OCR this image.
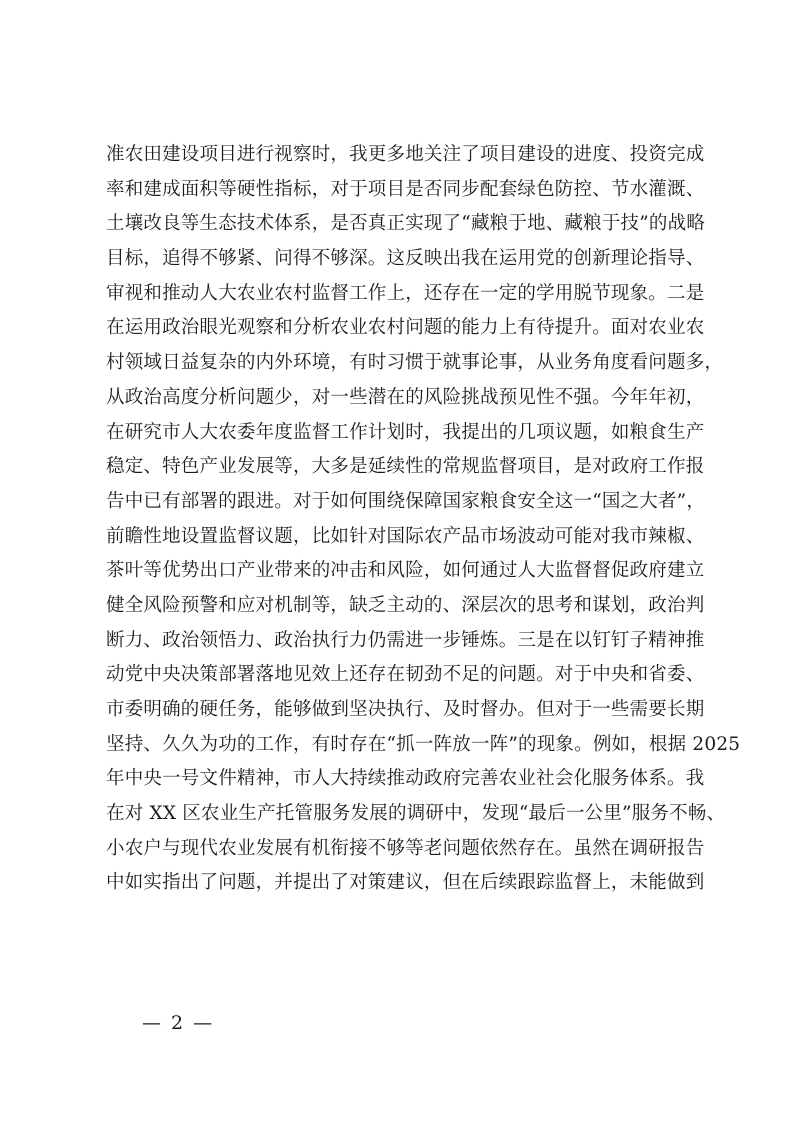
准农田建设项目进行视察时，我更多地关注了项目建设的进度、投资完成
率和建成面积等硬性指标，对于项目是否同步配套绿色防控、节水灌溉、
土壤改良等生态技术体系，是否真正实现了“藏粮于地、藏粮于技”的战略
目标，追得不够紧、问得不够深。这反映出我在运用党的创新理论指导、
审视和推动人大农业农村监督工作上，还存在一定的学用脱节现象。二是
在运用政治眼光观察和分析农业农村问题的能力上有待提升。面对农业农
村领域日益复杂的内外环境，有时习惯于就事论事，从业务角度看问题多，
从政治高度分析问题少，对一些潜在的风险挑战预见性不强。今年年初，
在研究市人大农委年度监督工作计划时，我提出的几项议题，如粮食生产
稳定、特色产业发展等，大多是延续性的常规监督项目，是对政府工作报
告中已有部署的跟进。对于如何围绕保障国家粮食安全这一“国之大者”，
前瞻性地设置监督议题，比如针对国际农产品市场波动可能对我市辣椒、
茶叶等优势出口产业带来的冲击和风险，如何通过人大监督督促政府建立
健全风险预警和应对机制等，缺乏主动的、深层次的思考和谋划，政治判
断力、政治领悟力、政治执行力仍需进一步锤炼。三是在以钉钉子精神推
动党中央决策部署落地见效上还存在韧劲不足的问题。对于中央和省委、
市委明确的硬任务，能够做到坚决执行、及时督办。但对于一些需要长期
坚持、久久为功的工作，有时存在“抓一阵放一阵”的现象。例如，根据 2025
年中央一号文件精神，市人大持续推动政府完善农业社会化服务体系。我
在对 XX 区农业生产托管服务发展的调研中，发现“最后一公里”服务不畅、
小农户与现代农业发展有机衔接不够等老问题依然存在。虽然在调研报告
中如实指出了问题，并提出了对策建议，但在后续跟踪监督上，未能做到
— 2 —
